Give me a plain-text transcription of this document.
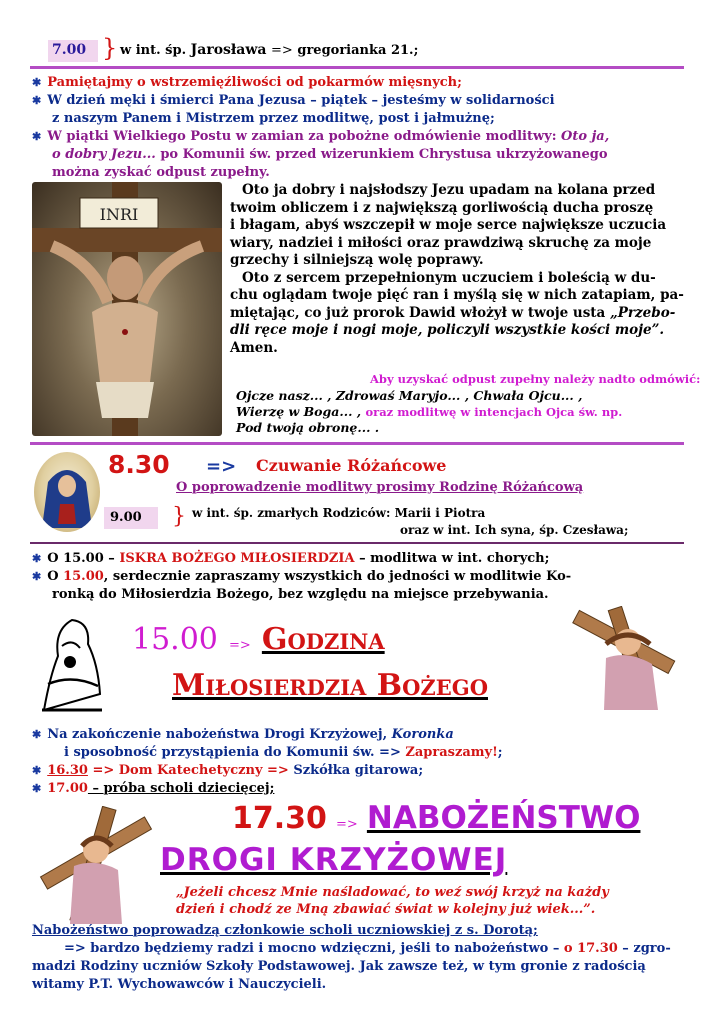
7.00 } w int. śp. Jarosława => gregorianka 21.;
✱ Pamiętajmy o wstrzemięźliwości od pokarmów mięsnych;
✱ W dzień męki i śmierci Pana Jezusa – piątek – jesteśmy w solidarności
z naszym Panem i Mistrzem przez modlitwę, post i jałmużnę;
✱ W piątki Wielkiego Postu w zamian za pobożne odmówienie modlitwy: Oto ja,
o dobry Jezu... po Komunii św. przed wizerunkiem Chrystusa ukrzyżowanego
można zyskać odpust zupełny.
INRI
Oto ja dobry i najsłodszy Jezu upadam na kolana przed
twoim obliczem i z największą gorliwością ducha proszę
i błagam, abyś wszczepił w moje serce największe uczucia
wiary, nadziei i miłości oraz prawdziwą skruchę za moje
grzechy i silniejszą wolę poprawy.
Oto z sercem przepełnionym uczuciem i boleścią w du-
chu oglądam twoje pięć ran i myślą się w nich zatapiam, pa-
miętając, co już prorok Dawid włożył w twoje usta „Przebo-
dli ręce moje i nogi moje, policzyli wszystkie kości moje”.
Amen.
Aby uzyskać odpust zupełny należy nadto odmówić:
Ojcze nasz... , Zdrowaś Maryjo... , Chwała Ojcu... ,
Wierzę w Boga... , oraz modlitwę w intencjach Ojca św. np.
Pod twoją obronę... .
8.30 => Czuwanie Różańcowe
O poprowadzenie modlitwy prosimy Rodzinę Różańcową
9.00 } w int. śp. zmarłych Rodziców: Marii i Piotra
oraz w int. Ich syna, śp. Czesława;
✱ O 15.00 – ISKRA BOŻEGO MIŁOSIERDZIA – modlitwa w int. chorych;
✱ O 15.00, serdecznie zapraszamy wszystkich do jedności w modlitwie Ko-
ronką do Miłosierdzia Bożego, bez względu na miejsce przebywania.
15.00 => Godzina
Miłosierdzia Bożego
✱ Na zakończenie nabożeństwa Drogi Krzyżowej, Koronka
i sposobność przystąpienia do Komunii św. => Zapraszamy!;
✱ 16.30 => Dom Katechetyczny => Szkółka gitarowa;
✱ 17.00 – próba scholi dziecięcej;
17.30 => NABOŻEŃSTWO
DROGI KRZYŻOWEJ
„Jeżeli chcesz Mnie naśladować, to weź swój krzyż na każdy
dzień i chodź ze Mną zbawiać świat w kolejny już wiek...”.
Nabożeństwo poprowadzą członkowie scholi uczniowskiej z s. Dorotą;
=> bardzo będziemy radzi i mocno wdzięczni, jeśli to nabożeństwo – o 17.30 – zgro-
madzi Rodziny uczniów Szkoły Podstawowej. Jak zawsze też, w tym gronie z radością
witamy P.T. Wychowawców i Nauczycieli.
